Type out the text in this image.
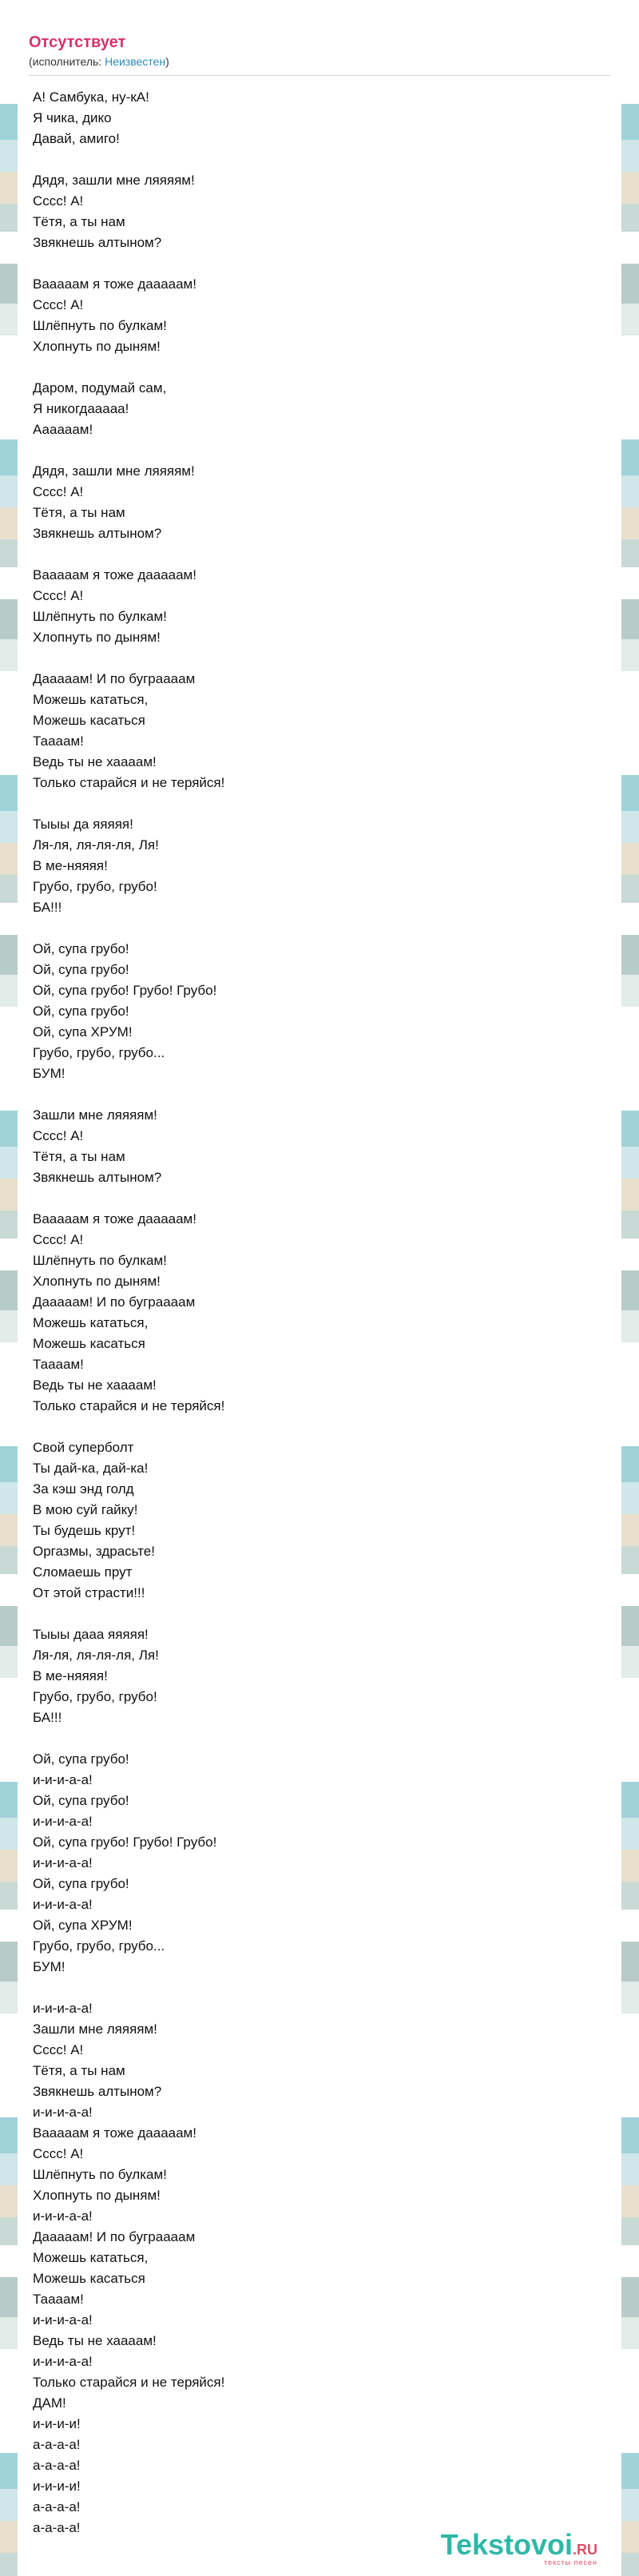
Отсутствует
(исполнитель: Неизвестен)
А! Самбука, ну-кА!
Я чика, дико
Давай, амиго!
Дядя, зашли мне ляяяям!
Сссс! А!
Тётя, а ты нам
Звякнешь алтыном?
Вааааам я тоже дааааам!
Сссс! А!
Шлёпнуть по булкам!
Хлопнуть по дыням!
Даром, подумай сам,
Я никогдааааа!
Аааааам!
Дядя, зашли мне ляяяям!
Сссс! А!
Тётя, а ты нам
Звякнешь алтыном?
Вааааам я тоже дааааам!
Сссс! А!
Шлёпнуть по булкам!
Хлопнуть по дыням!
Дааааам! И по буграааам
Можешь кататься,
Можешь касаться
Таааам!
Ведь ты не хаааам!
Только старайся и не теряйся!
Тыыы да яяяяя!
Ля-ля, ля-ля-ля, Ля!
В ме-няяяя!
Грубо, грубо, грубо!
БА!!!
Ой, супа грубо!
Ой, супа грубо!
Ой, супа грубо! Грубо! Грубо!
Ой, супа грубо!
Ой, супа ХРУМ!
Грубо, грубо, грубо...
БУМ!
Зашли мне ляяяям!
Сссс! А!
Тётя, а ты нам
Звякнешь алтыном?
Вааааам я тоже дааааам!
Сссс! А!
Шлёпнуть по булкам!
Хлопнуть по дыням!
Дааааам! И по буграааам
Можешь кататься,
Можешь касаться
Таааам!
Ведь ты не хаааам!
Только старайся и не теряйся!
Свой суперболт
Ты дай-ка, дай-ка!
За кэш энд голд
В мою суй гайку!
Ты будешь крут!
Оргазмы, здрасьте!
Сломаешь прут
От этой страсти!!!
Тыыы дааа яяяяя!
Ля-ля, ля-ля-ля, Ля!
В ме-няяяя!
Грубо, грубо, грубо!
БА!!!
Ой, супа грубо!
и-и-и-а-а!
Ой, супа грубо!
и-и-и-а-а!
Ой, супа грубо! Грубо! Грубо!
и-и-и-а-а!
Ой, супа грубо!
и-и-и-а-а!
Ой, супа ХРУМ!
Грубо, грубо, грубо...
БУМ!
и-и-и-а-а!
Зашли мне ляяяям!
Сссс! А!
Тётя, а ты нам
Звякнешь алтыном?
и-и-и-а-а!
Вааааам я тоже дааааам!
Сссс! А!
Шлёпнуть по булкам!
Хлопнуть по дыням!
и-и-и-а-а!
Дааааам! И по буграааам
Можешь кататься,
Можешь касаться
Таааам!
и-и-и-а-а!
Ведь ты не хаааам!
и-и-и-а-а!
Только старайся и не теряйся!
ДАМ!
и-и-и-и!
а-а-а-а!
а-а-а-а!
и-и-и-и!
а-а-а-а!
а-а-а-а!
Tekstovoi.RU
тексты песен
